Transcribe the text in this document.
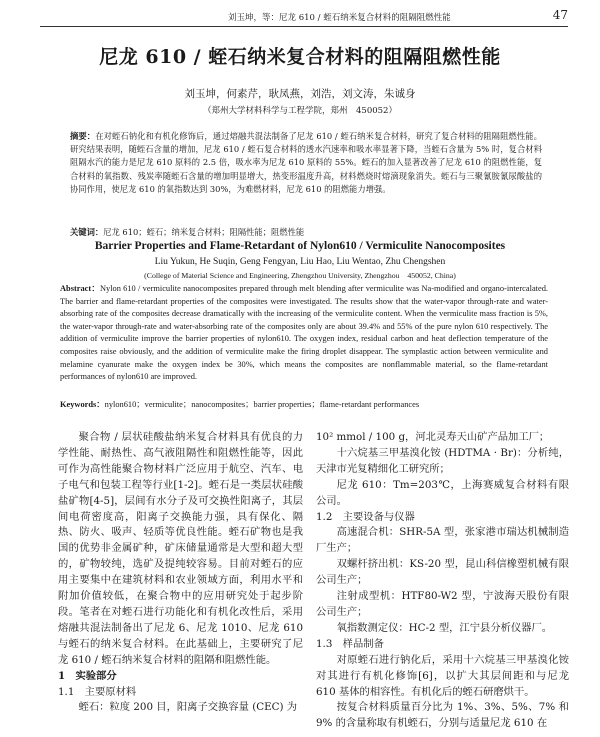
刘玉坤，等：尼龙 610 / 蛭石纳米复合材料的阻隔阻燃性能	47
尼龙 610 / 蛭石纳米复合材料的阻隔阻燃性能
刘玉坤，何素芹，耿凤燕，刘浩，刘文涛，朱诚身
（郑州大学材料科学与工程学院，郑州　450052）
摘要：在对蛭石钠化和有机化修饰后，通过熔融共混法制备了尼龙 610 / 蛭石纳米复合材料，研究了复合材料的阻隔阻燃性能。研究结果表明，随蛭石含量的增加，尼龙 610 / 蛭石复合材料的透水汽速率和吸水率显著下降，当蛭石含量为 5% 时，复合材料阻隔水汽的能力是尼龙 610 原料的 2.5 倍，吸水率为尼龙 610 原料的 55%。蛭石的加入显著改善了尼龙 610 的阻燃性能，复合材料的氧指数、残炭率随蛭石含量的增加明显增大，热变形温度升高，材料燃烧时熔滴现象消失。蛭石与三聚氰胺氰尿酸盐的协同作用，使尼龙 610 的氧指数达到 30%，为难燃材料，尼龙 610 的阻燃能力增强。
关键词：尼龙 610；蛭石；纳米复合材料；阻隔性能；阻燃性能
Barrier Properties and Flame-Retardant of Nylon610 / Vermiculite Nanocomposites
Liu Yukun, He Suqin, Geng Fengyan, Liu Hao, Liu Wentao, Zhu Chengshen
(College of Material Science and Engineering, Zhengzhou University, Zhengzhou　450052, China)
Abstract：Nylon 610 / vermiculite nanocomposites prepared through melt blending after vermiculite was Na-modified and organo-intercalated. The barrier and flame-retardant properties of the composites were investigated. The results show that the water-vapor through-rate and water-absorbing rate of the composites decrease dramatically with the increasing of the vermiculite content. When the vermiculite mass fraction is 5%, the water-vapor through-rate and water-absorbing rate of the composites only are about 39.4% and 55% of the pure nylon 610 respectively. The addition of vermiculite improve the barrier properties of nylon610. The oxygen index, residual carbon and heat deflection temperature of the composites raise obviously, and the addition of vermiculite make the firing droplet disappear. The symplastic action between vermiculite and melamine cyanurate make the oxygen index be 30%, which means the composites are nonflammable material, so the flame-retardant performances of nylon610 are improved.
Keywords：nylon610；vermiculite；nanocomposites；barrier properties；flame-retardant performances

聚合物 / 层状硅酸盐纳米复合材料具有优良的力学性能、耐热性、高气液阻隔性和阻燃性能等，因此可作为高性能聚合物材料广泛应用于航空、汽车、电子电气和包装工程等行业[1-2]。蛭石是一类层状硅酸盐矿物[4-5]，层间有水分子及可交换性阳离子，其层间电荷密度高，阳离子交换能力强，具有保化、隔热、防火、吸声、轻质等优良性能。蛭石矿物也是我国的优势非金属矿种，矿床储量通常是大型和超大型的，矿物较纯，选矿及提纯较容易。目前对蛭石的应用主要集中在建筑材料和农业领域方面，利用水平和附加价值较低，在聚合物中的应用研究处于起步阶段。笔者在对蛭石进行功能化和有机化改性后，采用熔融共混法制备出了尼龙 6、尼龙 1010、尼龙 610 与蛭石的纳米复合材料。在此基础上，主要研究了尼龙 610 / 蛭石纳米复合材料的阻隔和阻燃性能。

1　实验部分

1.1　主要原材料

蛭石：粒度 200 目，阳离子交换容量 (CEC) 为

10² mmol / 100 g，河北灵寿天山矿产品加工厂；

十六烷基三甲基溴化铵 (HDTMA · Br)：分析纯，天津市光复精细化工研究所；

尼龙 610：Tm=203℃，上海赛威复合材料有限公司。

1.2　主要设备与仪器

高速混合机：SHR-5A 型，张家港市瑞达机械制造厂生产；

双螺杆挤出机：KS-20 型，昆山科信橡塑机械有限公司生产；

注射成型机：HTF80-W2 型，宁波海天股份有限公司生产；

氧指数测定仪：HC-2 型，江宁县分析仪器厂。

1.3　样品制备

对原蛭石进行钠化后，采用十六烷基三甲基溴化铵对其进行有机化修饰[6]，以扩大其层间距和与尼龙 610 基体的相容性。有机化后的蛭石研磨烘干。

按复合材料质量百分比为 1%、3%、5%、7% 和 9% 的含量称取有机蛭石，分别与适量尼龙 610 在
